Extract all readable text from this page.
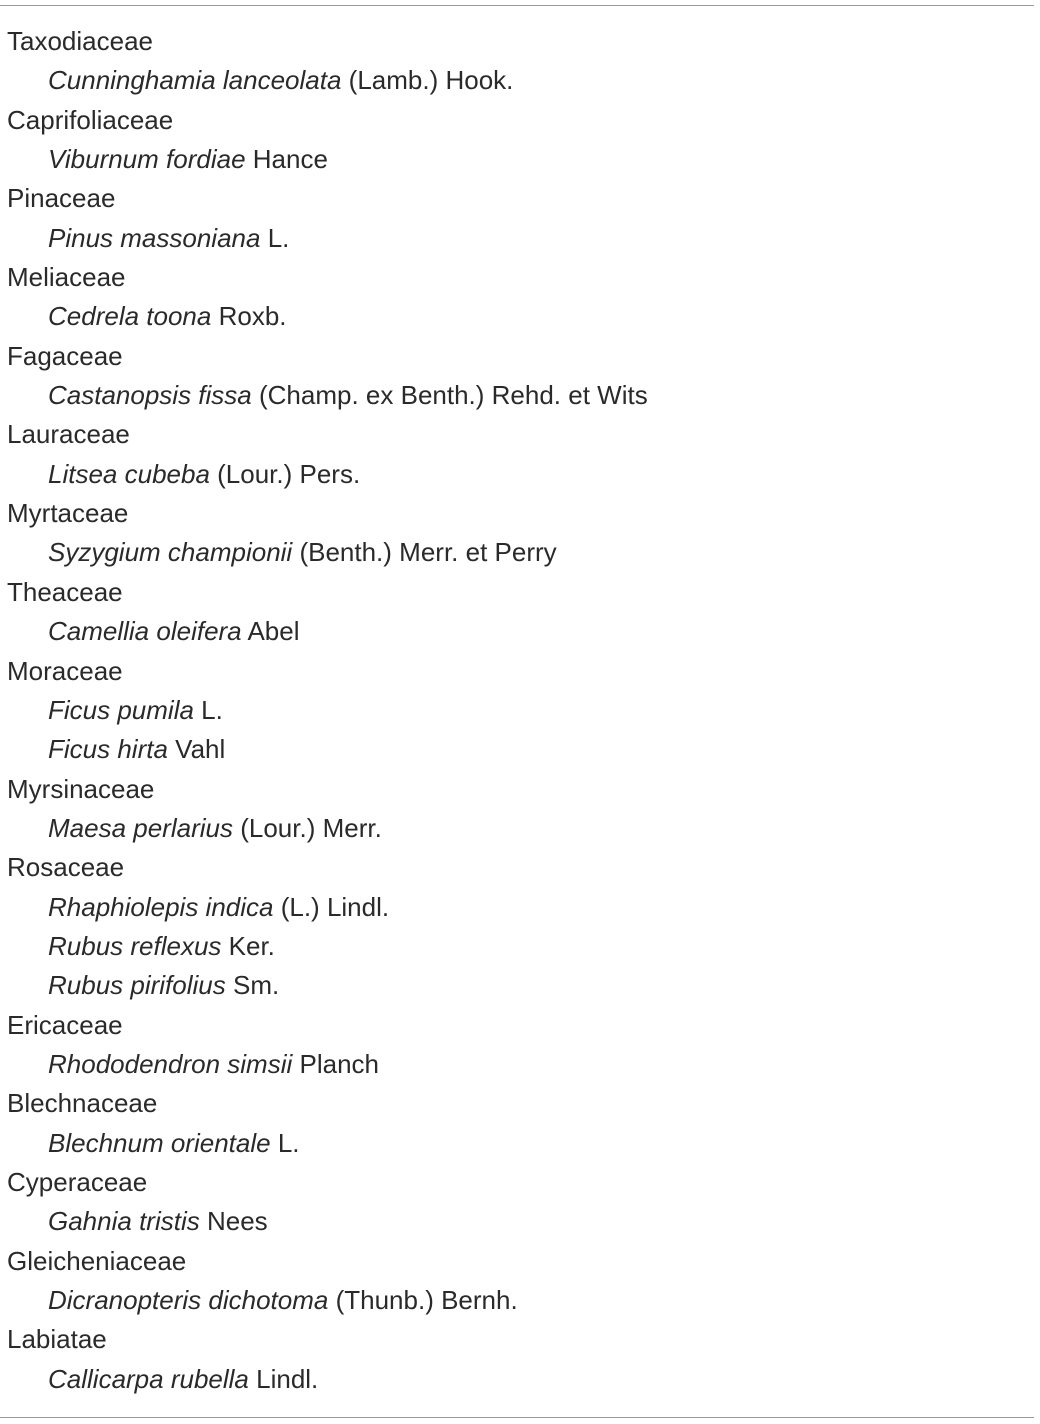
Taxodiaceae
Cunninghamia lanceolata (Lamb.) Hook.
Caprifoliaceae
Viburnum fordiae Hance
Pinaceae
Pinus massoniana L.
Meliaceae
Cedrela toona Roxb.
Fagaceae
Castanopsis fissa (Champ. ex Benth.) Rehd. et Wits
Lauraceae
Litsea cubeba (Lour.) Pers.
Myrtaceae
Syzygium championii (Benth.) Merr. et Perry
Theaceae
Camellia oleifera Abel
Moraceae
Ficus pumila L.
Ficus hirta Vahl
Myrsinaceae
Maesa perlarius (Lour.) Merr.
Rosaceae
Rhaphiolepis indica (L.) Lindl.
Rubus reflexus Ker.
Rubus pirifolius Sm.
Ericaceae
Rhododendron simsii Planch
Blechnaceae
Blechnum orientale L.
Cyperaceae
Gahnia tristis Nees
Gleicheniaceae
Dicranopteris dichotoma (Thunb.) Bernh.
Labiatae
Callicarpa rubella Lindl.
